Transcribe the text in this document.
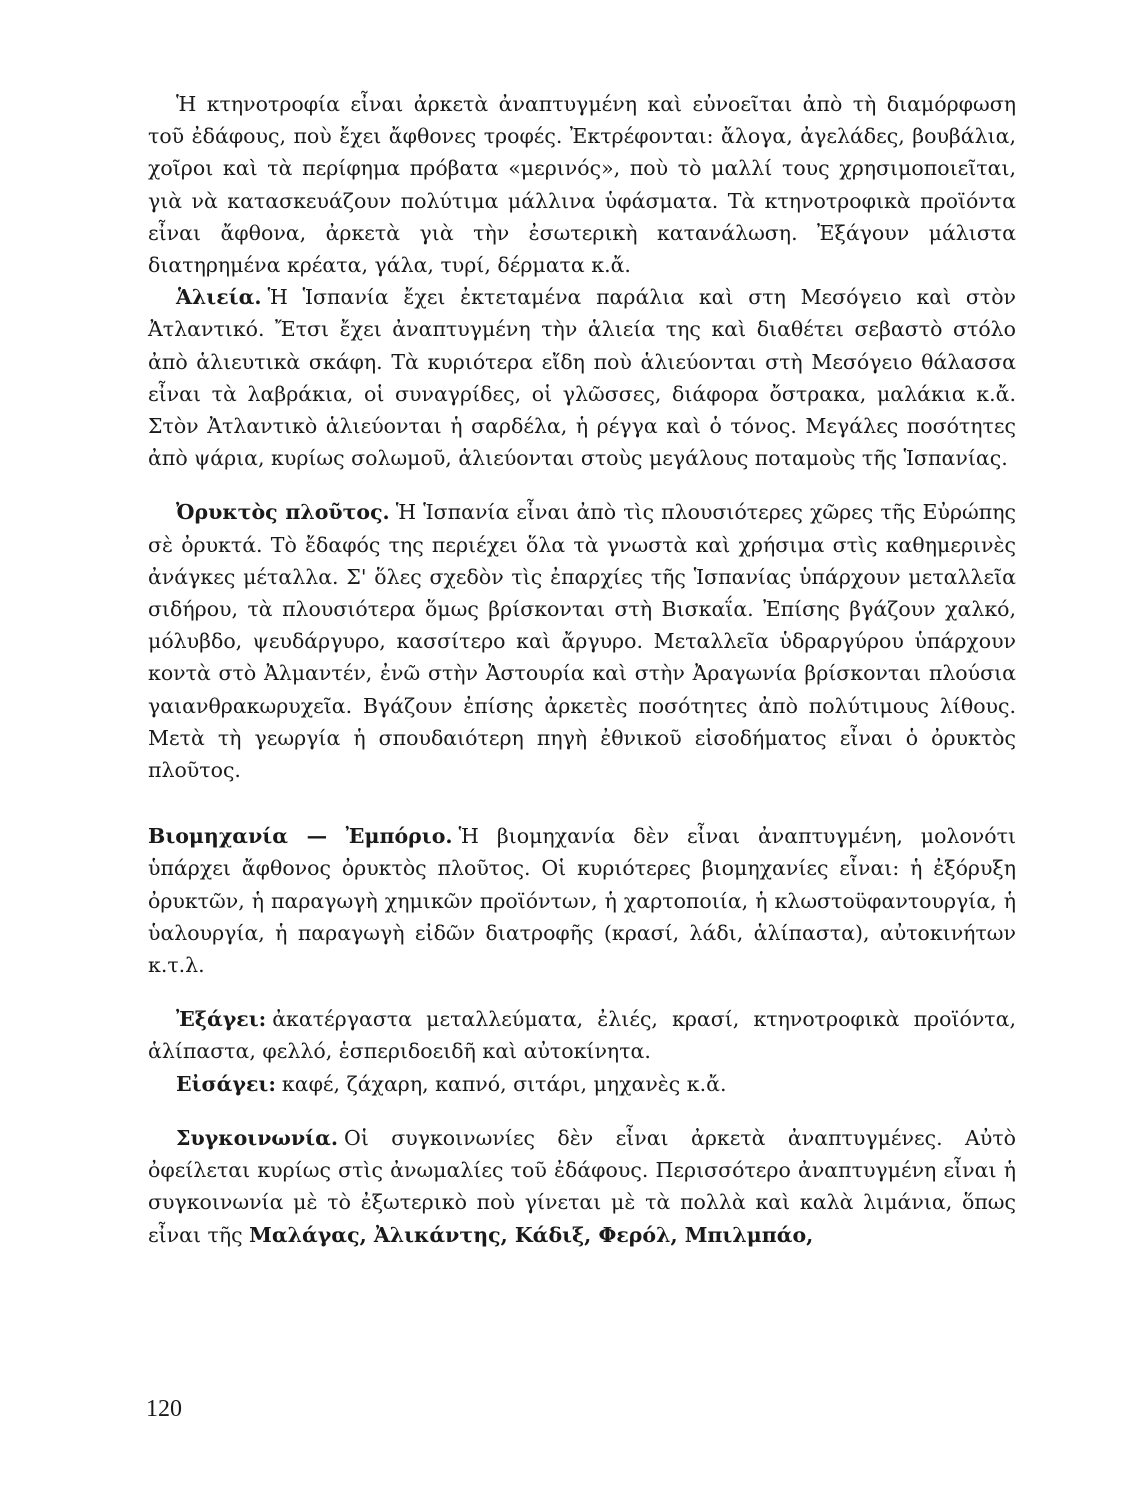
Ἡ κτηνοτροφία εἶναι ἀρκετὰ ἀναπτυγμένη καὶ εὐνοεῖται ἀπὸ τὴ διαμόρφωση τοῦ ἐδάφους, ποὺ ἔχει ἄφθονες τροφές. Ἐκτρέφονται: ἄλογα, ἀγελάδες, βουβάλια, χοῖροι καὶ τὰ περίφημα πρόβατα «μερινός», ποὺ τὸ μαλλί τους χρησιμοποιεῖται, γιὰ νὰ κατασκευάζουν πολύτιμα μάλλινα ὑφάσματα. Τὰ κτηνοτροφικὰ προϊόντα εἶναι ἄφθονα, ἀρκετὰ γιὰ τὴν ἐσωτερικὴ κατανάλωση. Ἐξάγουν μάλιστα διατηρημένα κρέατα, γάλα, τυρί, δέρματα κ.ἄ.

Ἁλιεία. Ἡ Ἱσπανία ἔχει ἐκτεταμένα παράλια καὶ στη Μεσόγειο καὶ στὸν Ἀτλαντικό. Ἔτσι ἔχει ἀναπτυγμένη τὴν ἁλιεία της καὶ διαθέτει σεβαστὸ στόλο ἀπὸ ἁλιευτικὰ σκάφη. Τὰ κυριότερα εἴδη ποὺ ἁλιεύονται στὴ Μεσόγειο θάλασσα εἶναι τὰ λαβράκια, οἱ συναγρίδες, οἱ γλῶσσες, διάφορα ὄστρακα, μαλάκια κ.ἄ. Στὸν Ἀτλαντικὸ ἁλιεύονται ἡ σαρδέλα, ἡ ρέγγα καὶ ὁ τόνος. Μεγάλες ποσότητες ἀπὸ ψάρια, κυρίως σολωμοῦ, ἁλιεύονται στοὺς μεγάλους ποταμοὺς τῆς Ἱσπανίας.

Ὀρυκτὸς πλοῦτος. Ἡ Ἱσπανία εἶναι ἀπὸ τὶς πλουσιότερες χῶρες τῆς Εὐρώπης σὲ ὀρυκτά. Τὸ ἔδαφός της περιέχει ὅλα τὰ γνωστὰ καὶ χρήσιμα στὶς καθημερινὲς ἀνάγκες μέταλλα. Σ' ὅλες σχεδὸν τὶς ἐπαρχίες τῆς Ἱσπανίας ὑπάρχουν μεταλλεῖα σιδήρου, τὰ πλουσιότερα ὅμως βρίσκονται στὴ Βισκαΐα. Ἐπίσης βγάζουν χαλκό, μόλυβδο, ψευδάργυρο, κασσίτερο καὶ ἄργυρο. Μεταλλεῖα ὑδραργύρου ὑπάρχουν κοντὰ στὸ Ἀλμαντέν, ἐνῶ στὴν Ἀστουρία καὶ στὴν Ἀραγωνία βρίσκονται πλούσια γαιανθρακωρυχεῖα. Βγάζουν ἐπίσης ἀρκετὲς ποσότητες ἀπὸ πολύτιμους λίθους. Μετὰ τὴ γεωργία ἡ σπουδαιότερη πηγὴ ἐθνικοῦ εἰσοδήματος εἶναι ὁ ὀρυκτὸς πλοῦτος.

Βιομηχανία — Ἐμπόριο. Ἡ βιομηχανία δὲν εἶναι ἀναπτυγμένη, μολονότι ὑπάρχει ἄφθονος ὀρυκτὸς πλοῦτος. Οἱ κυριότερες βιομηχανίες εἶναι: ἡ ἐξόρυξη ὀρυκτῶν, ἡ παραγωγὴ χημικῶν προϊόντων, ἡ χαρτοποιία, ἡ κλωστοϋφαντουργία, ἡ ὑαλουργία, ἡ παραγωγὴ εἰδῶν διατροφῆς (κρασί, λάδι, ἁλίπαστα), αὐτοκινήτων κ.τ.λ.

Ἐξάγει: ἀκατέργαστα μεταλλεύματα, ἐλιές, κρασί, κτηνοτροφικὰ προϊόντα, ἁλίπαστα, φελλό, ἑσπεριδοειδῆ καὶ αὐτοκίνητα.

Εἰσάγει: καφέ, ζάχαρη, καπνό, σιτάρι, μηχανὲς κ.ἄ.

Συγκοινωνία. Οἱ συγκοινωνίες δὲν εἶναι ἀρκετὰ ἀναπτυγμένες. Αὐτὸ ὀφείλεται κυρίως στὶς ἀνωμαλίες τοῦ ἐδάφους. Περισσότερο ἀναπτυγμένη εἶναι ἡ συγκοινωνία μὲ τὸ ἐξωτερικὸ ποὺ γίνεται μὲ τὰ πολλὰ καὶ καλὰ λιμάνια, ὅπως εἶναι τῆς Μαλάγας, Ἀλικάντης, Κάδιξ, Φερόλ, Μπιλμπάο,

120
